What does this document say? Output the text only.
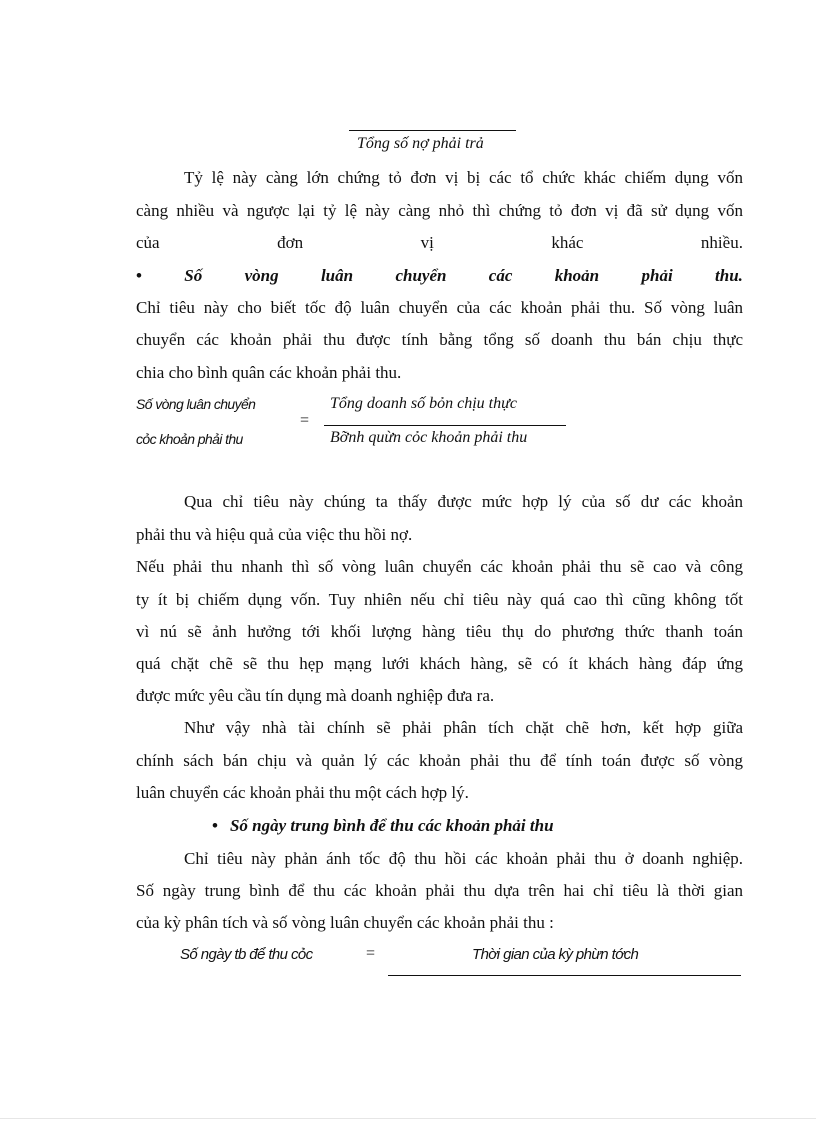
Tổng số nợ phải trả
Tỷ lệ này càng lớn chứng tỏ đơn vị bị các tổ chức khác chiếm dụng vốn
càng nhiều và ngược lại tỷ lệ này càng nhỏ thì chứng tỏ đơn vị đã sử dụng vốn
của	đơn	vị	khác	nhiều.
• Số vòng luân chuyển các khoản phải thu.
Chỉ tiêu này cho biết tốc độ luân chuyển của các khoản phải thu. Số vòng luân
chuyển các khoản phải thu được tính bằng tổng số doanh thu bán chịu thực
chia cho bình quân các khoản phải thu.
Số vòng luân chuyển
cỏc khoản phải thu
=
Tổng doanh số bỏn chịu thực
Bỡnh quừn cỏc khoản phải thu
Qua chỉ tiêu này chúng ta thấy được mức hợp lý của số dư các khoản
phải thu và hiệu quả của việc thu hồi nợ.
Nếu phải thu nhanh thì số vòng luân chuyển các khoản phải thu sẽ cao và công
ty ít bị chiếm dụng vốn. Tuy nhiên nếu chỉ tiêu này quá cao thì cũng không tốt
vì nú sẽ ảnh hưởng tới khối lượng hàng tiêu thụ do phương thức thanh toán
quá chặt chẽ sẽ thu hẹp mạng lưới khách hàng, sẽ có ít khách hàng đáp ứng
được mức yêu cầu tín dụng mà doanh nghiệp đưa ra.
Như vậy nhà tài chính sẽ phải phân tích chặt chẽ hơn, kết hợp giữa
chính sách bán chịu và quản lý các khoản phải thu để tính toán được số vòng
luân chuyển các khoản phải thu một cách hợp lý.
• Số ngày trung bình để thu các khoản phải thu
Chỉ tiêu này phản ánh tốc độ thu hồi các khoản phải thu ở doanh nghiệp.
Số ngày trung bình để thu các khoản phải thu dựa trên hai chỉ tiêu là thời gian
của kỳ phân tích và số vòng luân chuyển các khoản phải thu :
Số ngày tb để thu cỏc	=	Thời gian của kỳ phừn tớch
